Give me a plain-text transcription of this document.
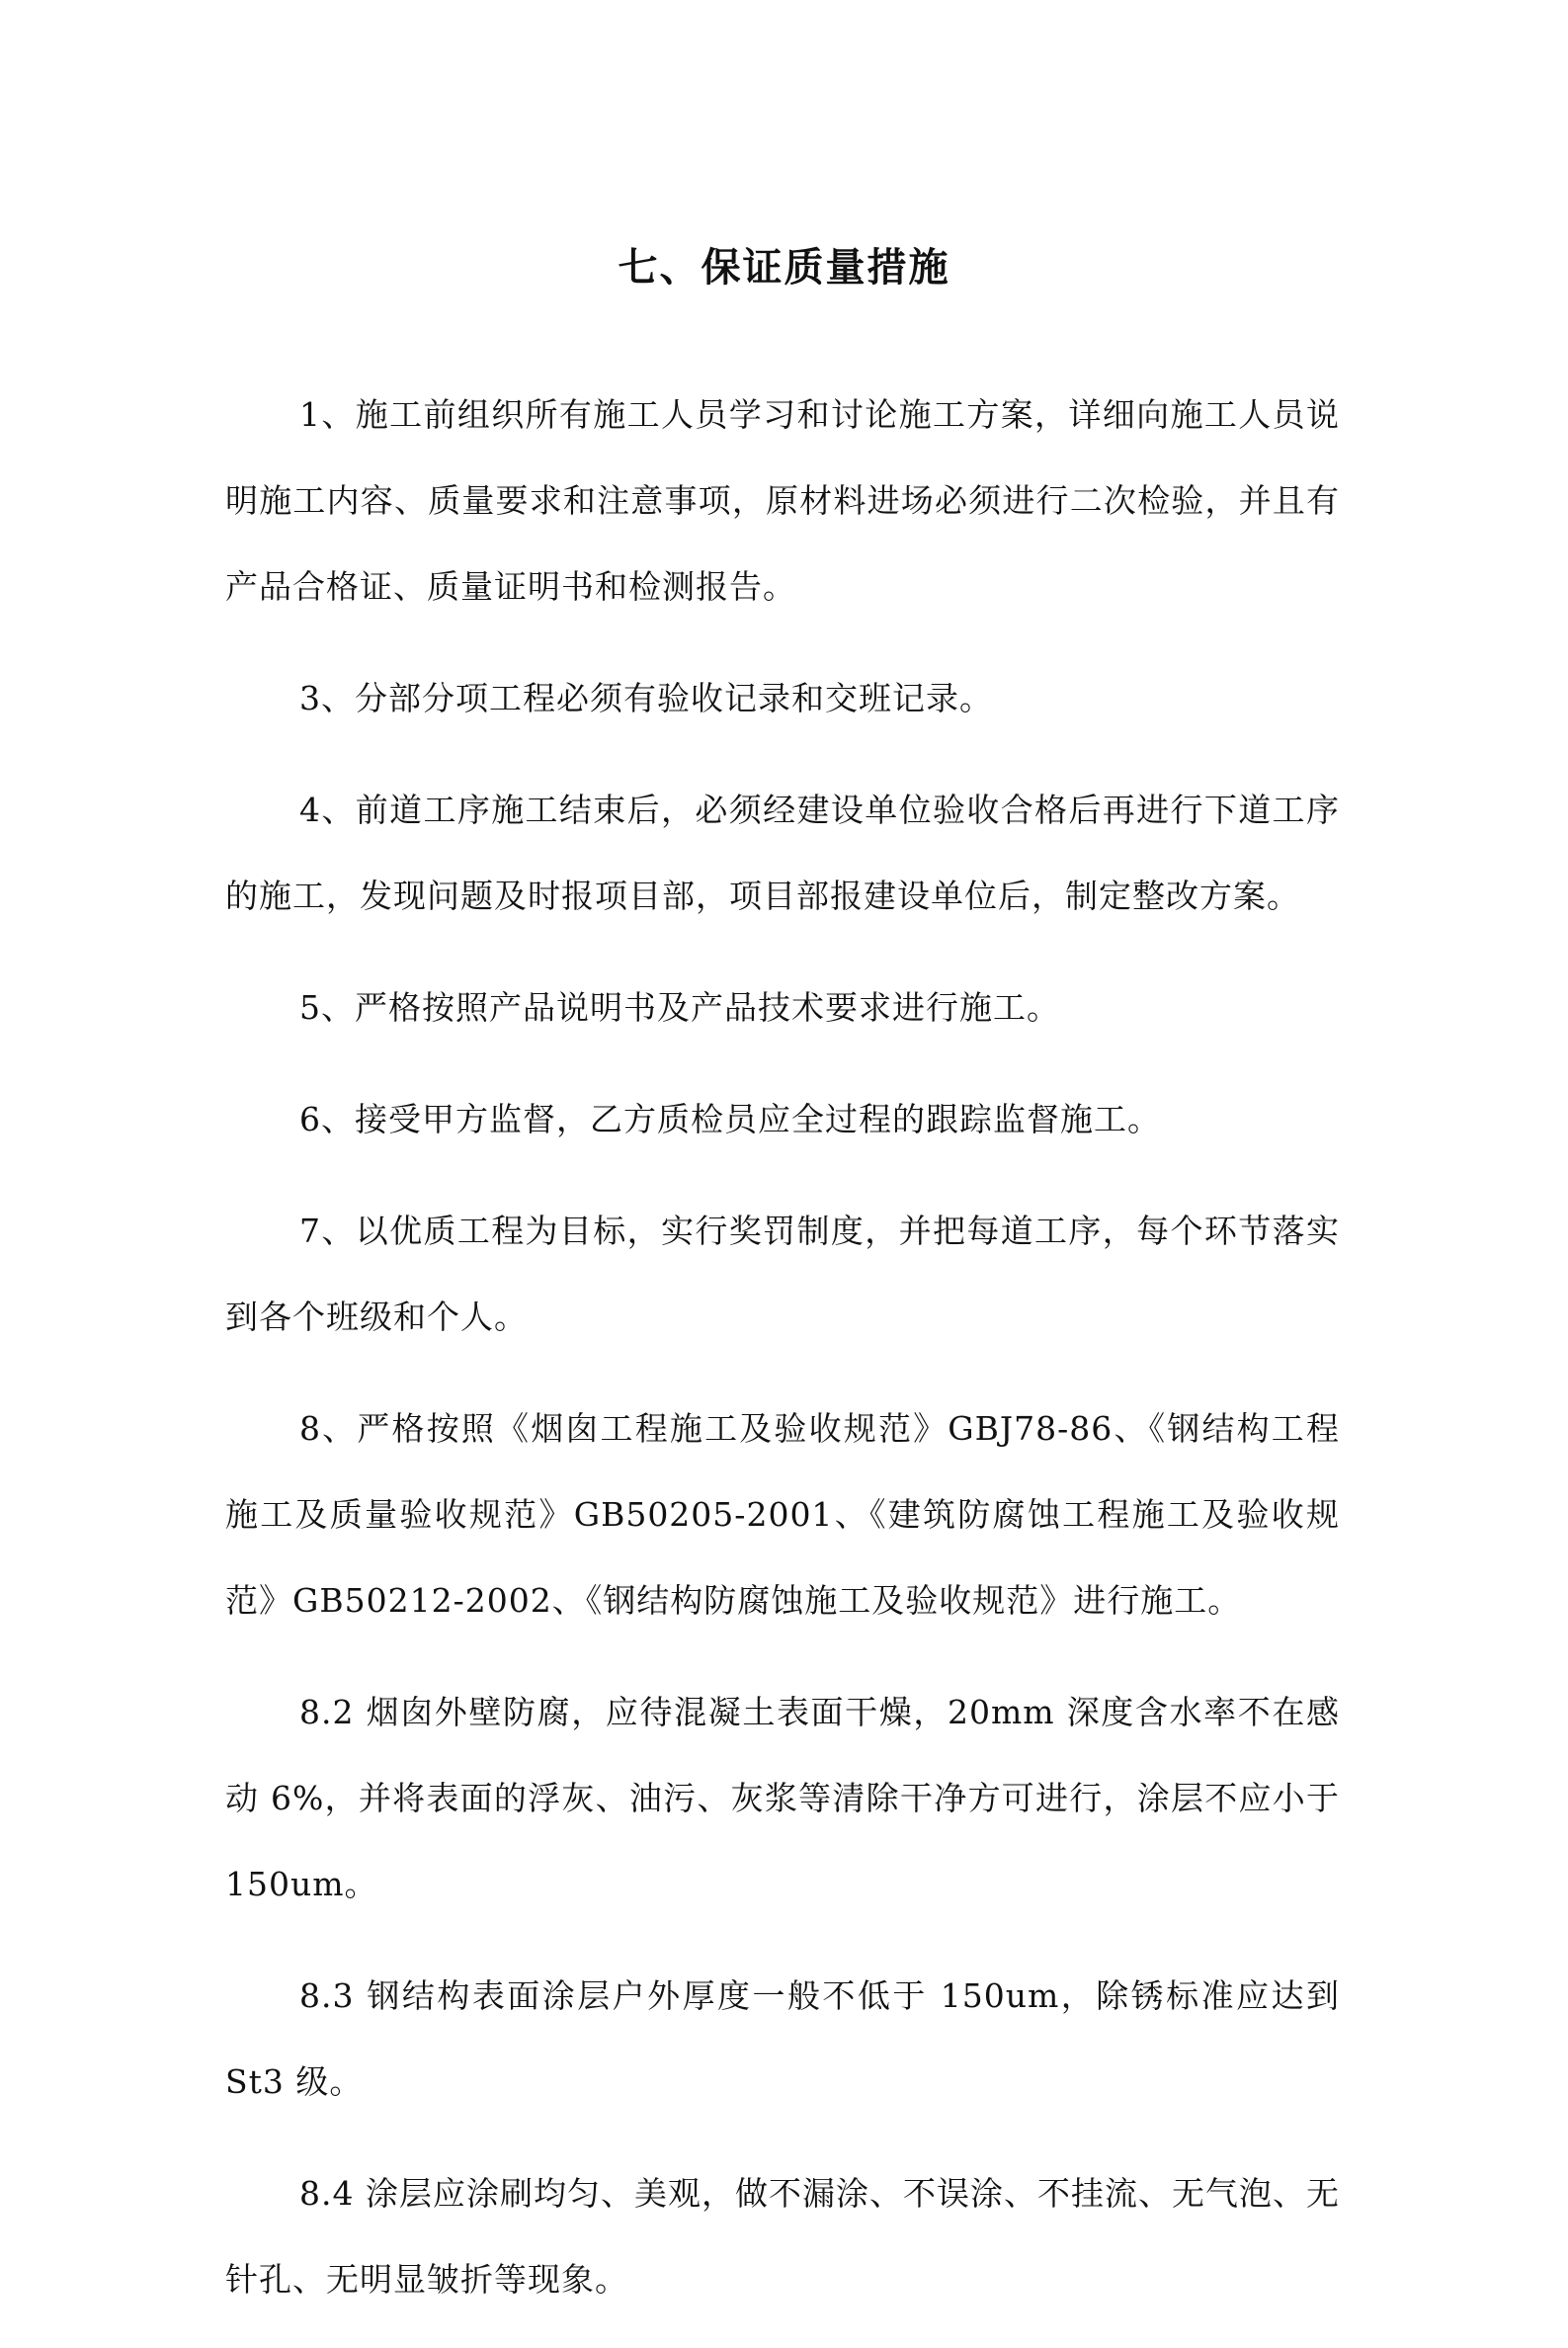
七、保证质量措施

1、施工前组织所有施工人员学习和讨论施工方案，详细向施工人员说明施工内容、质量要求和注意事项，原材料进场必须进行二次检验，并且有产品合格证、质量证明书和检测报告。

3、分部分项工程必须有验收记录和交班记录。

4、前道工序施工结束后，必须经建设单位验收合格后再进行下道工序的施工，发现问题及时报项目部，项目部报建设单位后，制定整改方案。

5、严格按照产品说明书及产品技术要求进行施工。

6、接受甲方监督，乙方质检员应全过程的跟踪监督施工。

7、以优质工程为目标，实行奖罚制度，并把每道工序，每个环节落实到各个班级和个人。

8、严格按照《烟囱工程施工及验收规范》GBJ78-86、《钢结构工程施工及质量验收规范》GB50205-2001、《建筑防腐蚀工程施工及验收规范》GB50212-2002、《钢结构防腐蚀施工及验收规范》进行施工。

8.2 烟囱外壁防腐，应待混凝土表面干燥，20mm 深度含水率不在感动 6%，并将表面的浮灰、油污、灰浆等清除干净方可进行，涂层不应小于 150um。

8.3 钢结构表面涂层户外厚度一般不低于 150um，除锈标准应达到 St3 级。

8.4 涂层应涂刷均匀、美观，做不漏涂、不误涂、不挂流、无气泡、无针孔、无明显皱折等现象。
